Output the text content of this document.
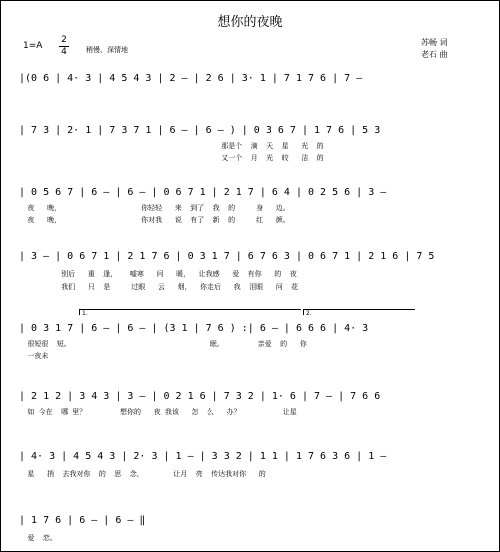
想你的夜晚
1=A
2
4	稍慢、深情地
苏畅 词
老石 曲
|(0 6 | 4· 3 | 4 5 4 3 | 2 – | 2 6 | 3· 1 | 7 1 7 6 | 7 –
| 7 3 | 2· 1 | 7 3 7 1 | 6 – | 6 – ) | 0 3 6 7 | 1 7 6 | 5 3
那是个  滴  天  星   光  的
又一个  月  光  皎   洁  的
| 0 5 6 7 | 6 – | 6 – | 0 6 7 1 | 2 1 7 | 6 4 | 0 2 5 6 | 3 –
夜   晚，                   你轻轻   来  到了  我  的     身   边。
夜   晚，                   你对我   说  有了  新  的     红   颜。
| 3 – | 0 6 7 1 | 2 1 7 6 | 0 3 1 7 | 6 7 6 3 | 0 6 7 1 | 2 1 6 | 7 5
别后   重  逢，   嘘寒   问   暖，  让我感   爱  有你   的  夜
我们   只  是     过眼   云   烟，  你走后   我  泪眼   问  花
1.	2.
| 0 3 1 7 | 6 – | 6 – | (3 1 | 7 6 ) :| 6 – | 6 6 6 | 4· 3
很短很  短。                                 眠。        亲爱  的   你
一夜未
| 2 1 2 | 3 4 3 | 3 – | 0 2 1 6 | 7 3 2 | 1· 6 | 7 – | 7 6 6
如 今在  哪 里？        想你的   夜 我该   怎  么   办？          让星
| 4· 3 | 4 5 4 3 | 2· 3 | 1 – | 3 3 2 | 1 1 | 1 7 6 3 6 | 1 –
星   捎  去我对你  的  思  念，       让月  亮  传达我对你   的
| 1 7 6 | 6 – | 6 – ‖
爱  恋。
